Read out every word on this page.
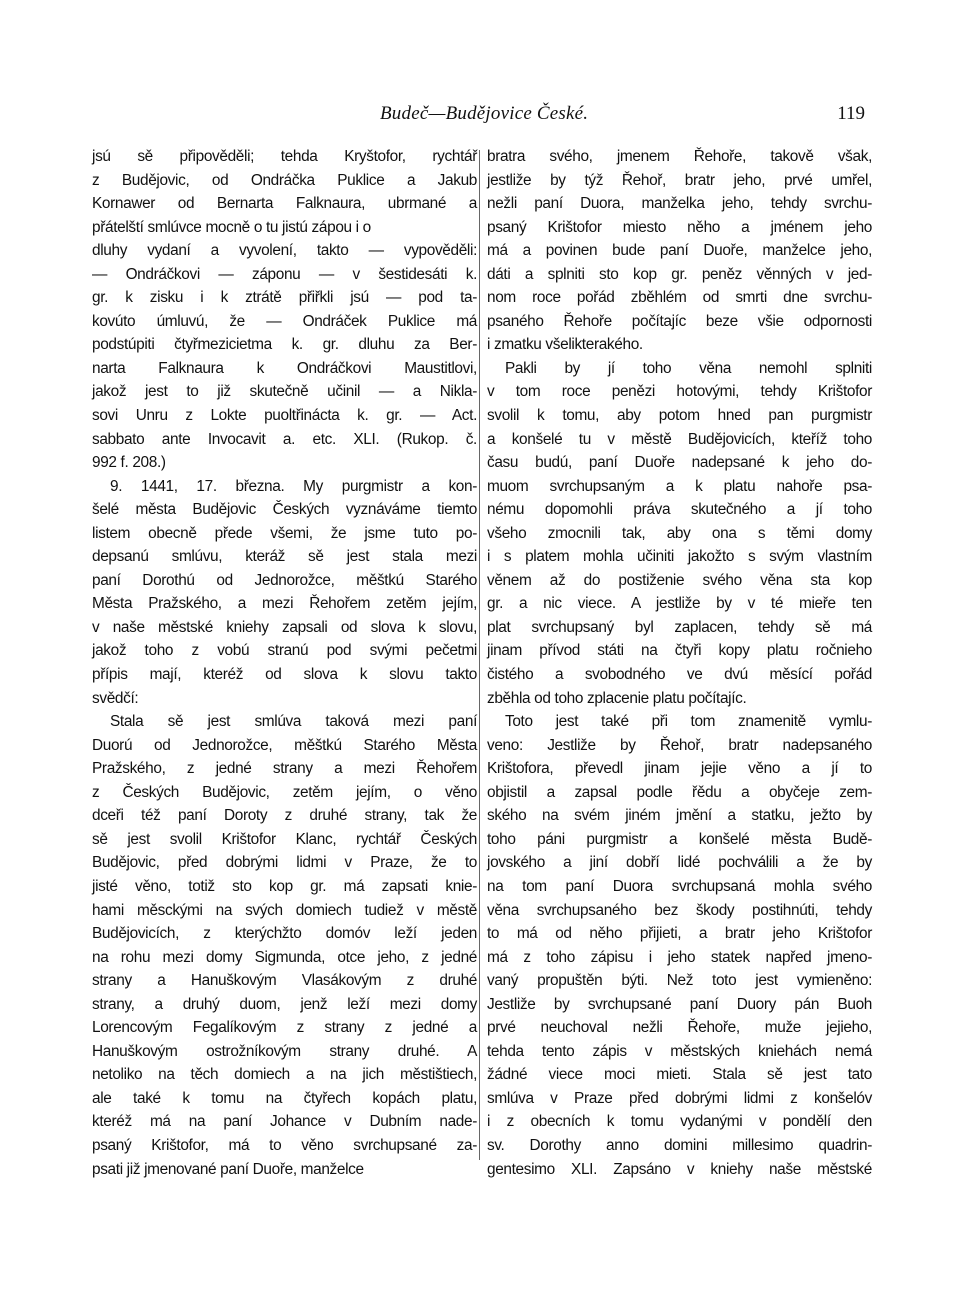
Budeč—Budějovice České.	119
jsú sě připověděli; tehda Kryštofor, rychtář
z Budějovic, od Ondráčka Puklice a Jakub
Kornawer od Bernarta Falknaura, ubrmané a
přátelští smlúvce mocně o tu jistú zápou i o
dluhy vydaní a vyvolení, takto — vypověděli:
— Ondráčkovi — záponu — v šestidesáti k.
gr. k zisku i k ztrátě přiřkli jsú — pod ta-
kovúto úmluvú, že — Ondráček Puklice má
podstúpiti čtyřmezicietma k. gr. dluhu za Ber-
narta Falknaura k Ondráčkovi Maustitlovi,
jakož jest to již skutečně učinil — a Nikla-
sovi Unru z Lokte puoltřináсta k. gr. — Act.
sabbato ante Invocavit a. etc. XLI. (Rukop. č.
992 f. 208.)
9. 1441, 17. března. My purgmistr a kon-
šelé města Budějovic Českých vyznáváme tiemto
listem obecně přede všemi, že jsme tuto po-
depsanú smlúvu, kteráž sě jest stala mezi
paní Dorothú od Jednorožce, měštkú Starého
Města Pražského, a mezi Řehořem zetěm jejím,
v naše městské kniehy zapsali od slova k slovu,
jakož toho z vobú stranú pod svými pečetmi
přípis mají, kteréž od slova k slovu takto
svědčí:
Stala sě jest smlúva taková mezi paní
Duorú od Jednorožce, měštkú Starého Města
Pražského, z jedné strany a mezi Řehořem
z Českých Budějovic, zetěm jejím, o věno
dceři též paní Doroty z druhé strany, tak že
sě jest svolil Krištofor Klanc, rychtář Českých
Budějovic, před dobrými lidmi v Praze, že to
jisté věno, totiž sto kop gr. má zapsati knie-
hami měsckými na svých domiech tudiež v městě
Budějovicích, z kterýchžto domóv leží jeden
na rohu mezi domy Sigmunda, otce jeho, z jedné
strany a Hanuškovým Vlasákovým z druhé
strany, a druhý duom, jenž leží mezi domy
Lorencovým Fegalíkovým z strany z jedné a
Hanuškovým ostrožníkovým strany druhé. A
netoliko na těch domiech a na jich městištiech,
ale také k tomu na čtyřech kopách platu,
kteréž má na paní Johance v Dubním nade-
psaný Krištofor, má to věno svrchupsané za-
psati již jmenované paní Duoře, manželce
bratra svého, jmenem Řehoře, takově však,
jestliže by týž Řehoř, bratr jeho, prvé umřel,
nežli paní Duora, manželka jeho, tehdy svrchu-
psaný Krištofor miesto něho a jménem jeho
má a povinen bude paní Duoře, manželce jeho,
dáti a splniti sto kop gr. peněz věnných v jed-
nom roce pořád zběhlém od smrti dne svrchu-
psaného Řehoře počítajíc beze všie odpornosti
i zmatku všelikterakého.
Pakli by jí toho věna nemohl splniti
v tom roce penězi hotovými, tehdy Krištofor
svolil k tomu, aby potom hned pan purgmistr
a konšelé tu v městě Budějovicích, kteříž toho
času budú, paní Duoře nadepsané k jeho do-
muom svrchupsaným a k platu nahoře psa-
nému dopomohli práva skutečného a jí toho
všeho zmocnili tak, aby ona s těmi domy
i s platem mohla učiniti jakožto s svým vlastním
věnem až do postiženie svého věna sta kop
gr. a nic viece. A jestliže by v té mieře ten
plat svrchupsaný byl zaplacen, tehdy sě má
jinam přívod státi na čtyři kopy platu ročnieho
čistého a svobodného ve dvú měsící pořád
zběhla od toho zplacenie platu počítajíc.
Toto jest také při tom znamenitě vymlu-
veno: Jestliže by Řehoř, bratr nadepsaného
Krištofora, převedl jinam jejie věno a jí to
objistil a zapsal podle řědu a obyčeje zem-
ského na svém jiném jmění a statku, ježto by
toho páni purgmistr a konšelé města Budě-
jovského a jiní dobří lidé pochválili a že by
na tom paní Duora svrchupsaná mohla svého
věna svrchupsaného bez škody postihnúti, tehdy
to má od něho přijieti, a bratr jeho Krištofor
má z toho zápisu i jeho statek napřed jmeno-
vaný propuštěn býti. Než toto jest vymieněno:
Jestliže by svrchupsané paní Duory pán Buoh
prvé neuchoval nežli Řehoře, muže jejieho,
tehda tento zápis v městských kniehách nemá
žádné viece moci mieti. Stala sě jest tato
smlúva v Praze před dobrými lidmi z konšelóv
i z obecních k tomu vydanými v pondělí den
sv. Dorothy anno domini millesimo quadrin-
gentesimo XLI. Zapsáno v kniehy naše městské
